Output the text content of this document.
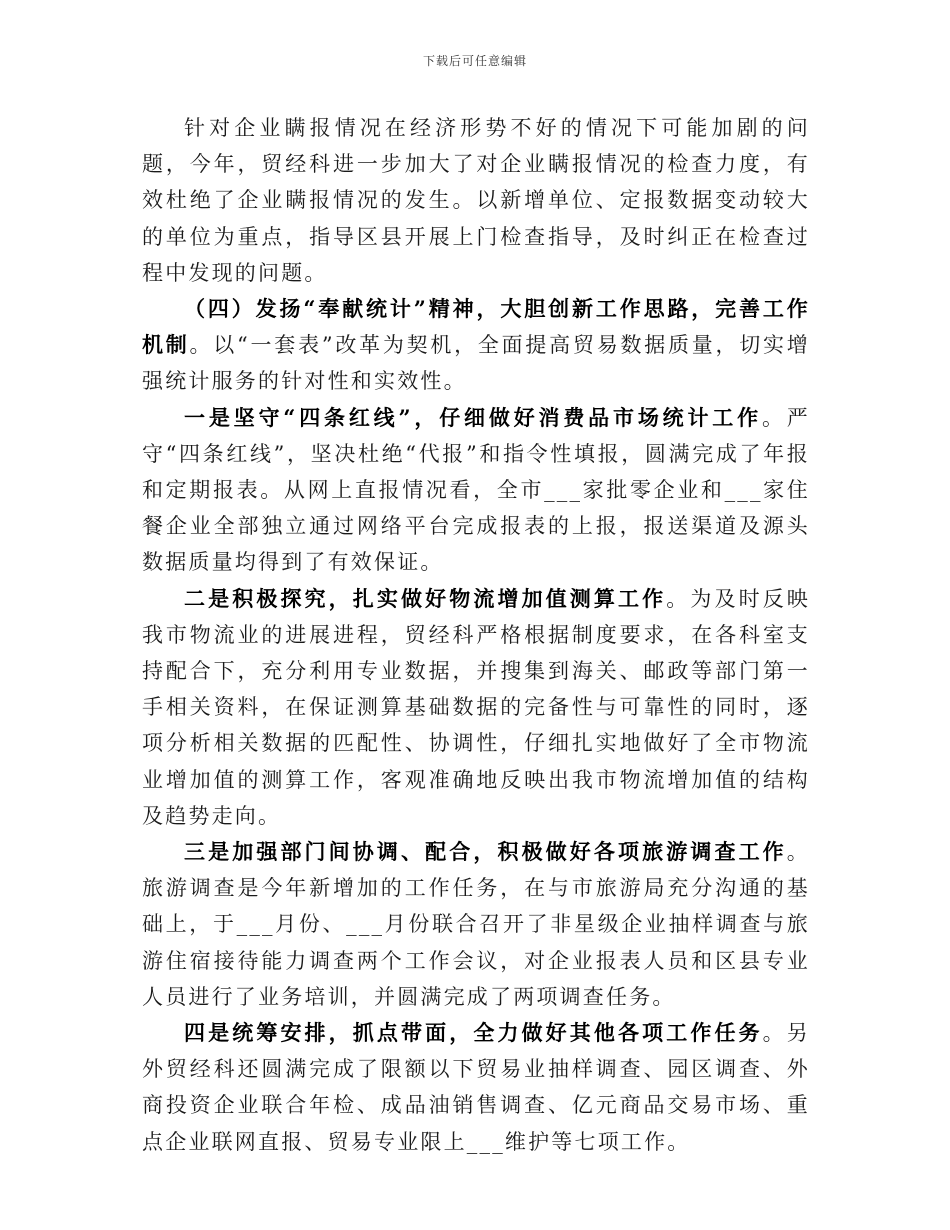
下载后可任意编辑

针对企业瞒报情况在经济形势不好的情况下可能加剧的问题，今年，贸经科进一步加大了对企业瞒报情况的检查力度，有效杜绝了企业瞒报情况的发生。以新增单位、定报数据变动较大的单位为重点，指导区县开展上门检查指导，及时纠正在检查过程中发现的问题。

（四）发扬“奉献统计”精神，大胆创新工作思路，完善工作机制。以“一套表”改革为契机，全面提高贸易数据质量，切实增强统计服务的针对性和实效性。

一是坚守“四条红线”，仔细做好消费品市场统计工作。严守“四条红线”，坚决杜绝“代报”和指令性填报，圆满完成了年报和定期报表。从网上直报情况看，全市___家批零企业和___家住餐企业全部独立通过网络平台完成报表的上报，报送渠道及源头数据质量均得到了有效保证。

二是积极探究，扎实做好物流增加值测算工作。为及时反映我市物流业的进展进程，贸经科严格根据制度要求，在各科室支持配合下，充分利用专业数据，并搜集到海关、邮政等部门第一手相关资料，在保证测算基础数据的完备性与可靠性的同时，逐项分析相关数据的匹配性、协调性，仔细扎实地做好了全市物流业增加值的测算工作，客观准确地反映出我市物流增加值的结构及趋势走向。

三是加强部门间协调、配合，积极做好各项旅游调查工作。旅游调查是今年新增加的工作任务，在与市旅游局充分沟通的基础上，于___月份、___月份联合召开了非星级企业抽样调查与旅游住宿接待能力调查两个工作会议，对企业报表人员和区县专业人员进行了业务培训，并圆满完成了两项调查任务。

四是统筹安排，抓点带面，全力做好其他各项工作任务。另外贸经科还圆满完成了限额以下贸易业抽样调查、园区调查、外商投资企业联合年检、成品油销售调查、亿元商品交易市场、重点企业联网直报、贸易专业限上___维护等七项工作。
